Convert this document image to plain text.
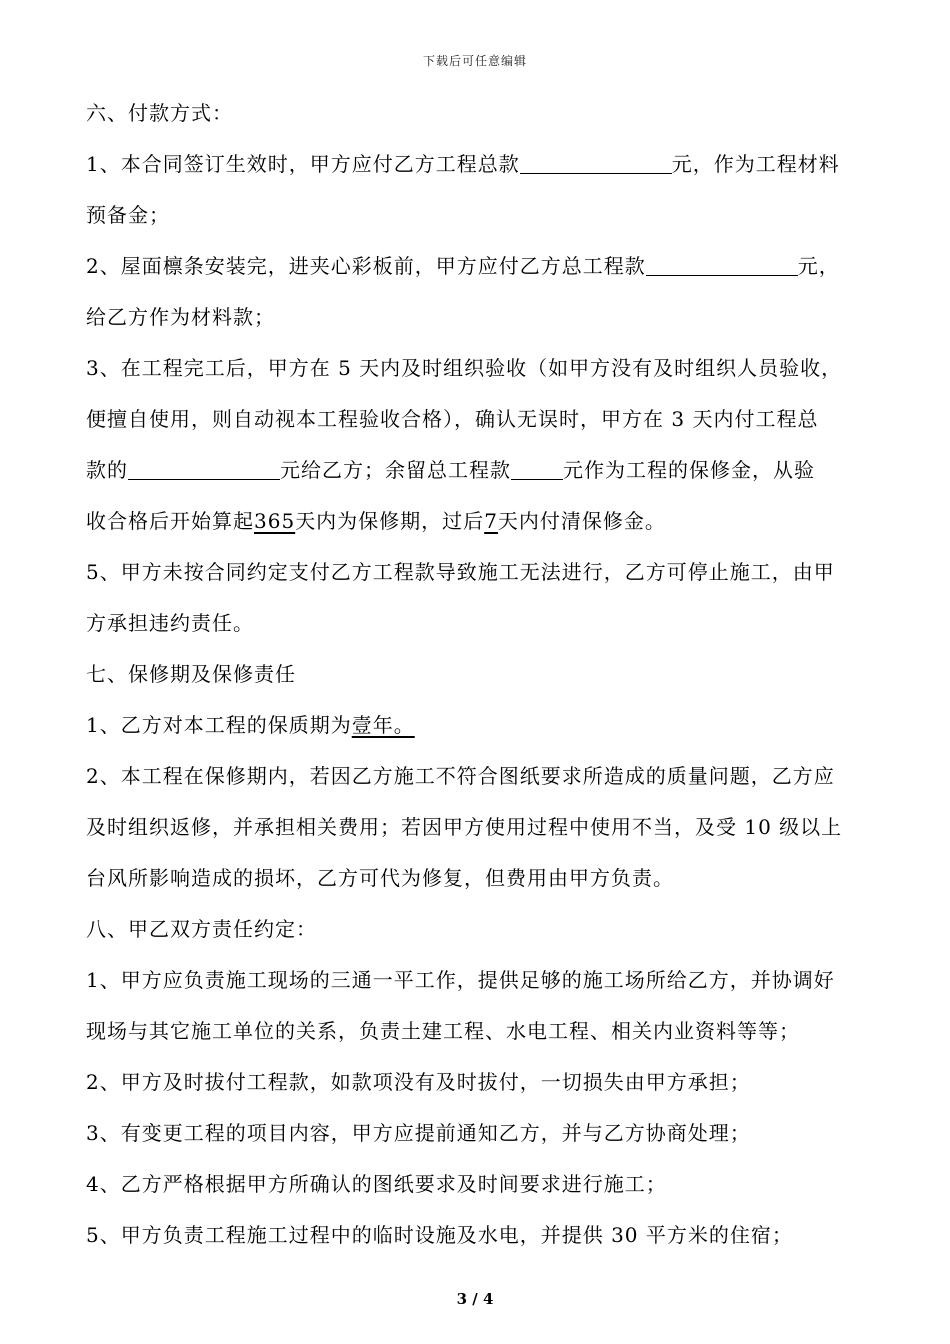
下载后可任意编辑
六、付款方式：
1、本合同签订生效时，甲方应付乙方工程总款	元，作为工程材料
预备金；
2、屋面檩条安装完，进夹心彩板前，甲方应付乙方总工程款	元，
给乙方作为材料款；
3、在工程完工后，甲方在 5 天内及时组织验收（如甲方没有及时组织人员验收，
便擅自使用，则自动视本工程验收合格），确认无误时，甲方在 3 天内付工程总
款的	元给乙方；余留总工程款	元作为工程的保修金，从验
收合格后开始算起365天内为保修期，过后7天内付清保修金。
5、甲方未按合同约定支付乙方工程款导致施工无法进行，乙方可停止施工，由甲
方承担违约责任。
七、保修期及保修责任
1、乙方对本工程的保质期为壹年。
2、本工程在保修期内，若因乙方施工不符合图纸要求所造成的质量问题，乙方应
及时组织返修，并承担相关费用；若因甲方使用过程中使用不当，及受 10 级以上
台风所影响造成的损坏，乙方可代为修复，但费用由甲方负责。
八、甲乙双方责任约定：
1、甲方应负责施工现场的三通一平工作，提供足够的施工场所给乙方，并协调好
现场与其它施工单位的关系，负责土建工程、水电工程、相关内业资料等等；
2、甲方及时拔付工程款，如款项没有及时拔付，一切损失由甲方承担；
3、有变更工程的项目内容，甲方应提前通知乙方，并与乙方协商处理；
4、乙方严格根据甲方所确认的图纸要求及时间要求进行施工；
5、甲方负责工程施工过程中的临时设施及水电，并提供 30 平方米的住宿；
3 / 4
